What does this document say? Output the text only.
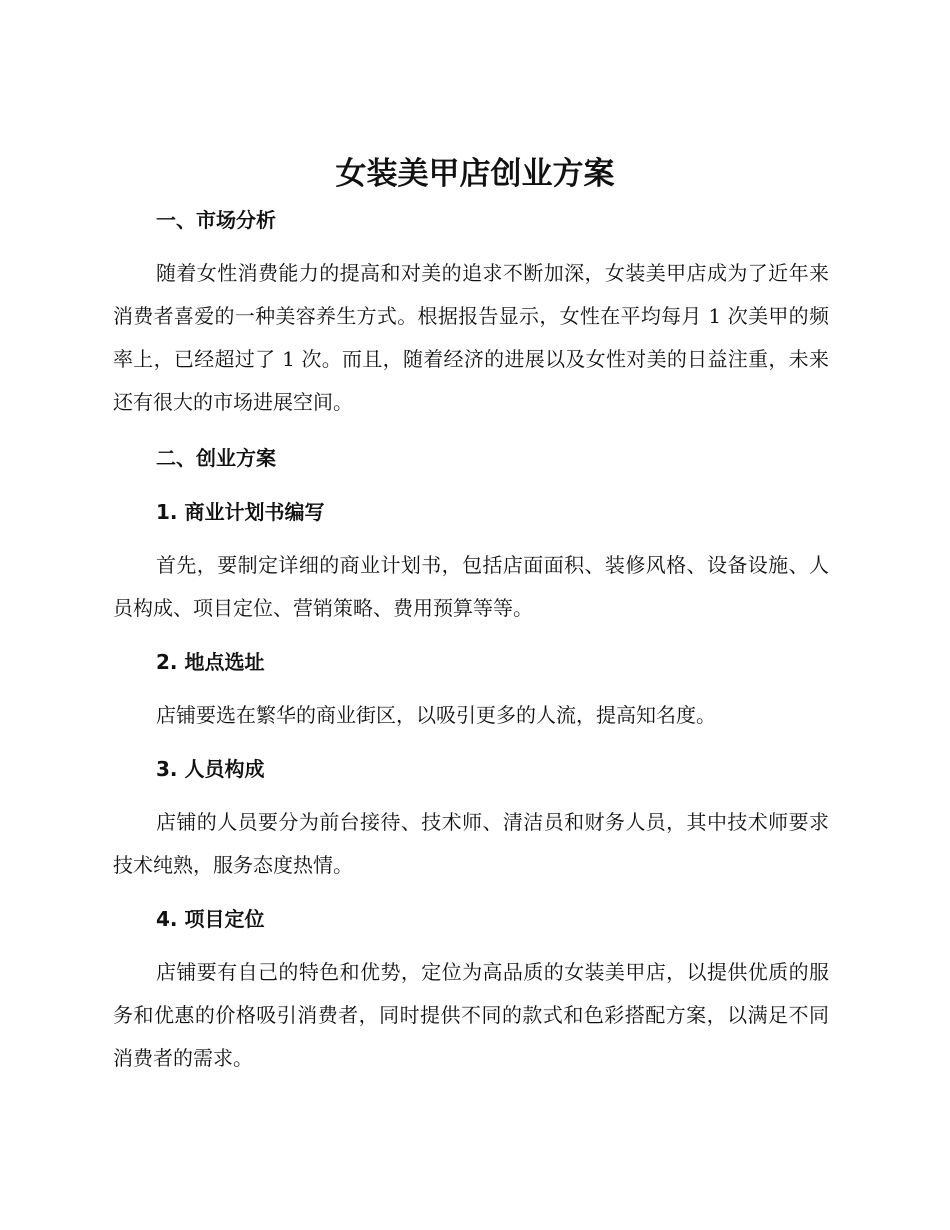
女装美甲店创业方案

一、市场分析

随着女性消费能力的提高和对美的追求不断加深，女装美甲店成为了近年来消费者喜爱的一种美容养生方式。根据报告显示，女性在平均每月 1 次美甲的频率上，已经超过了 1 次。而且，随着经济的进展以及女性对美的日益注重，未来还有很大的市场进展空间。

二、创业方案

1. 商业计划书编写

首先，要制定详细的商业计划书，包括店面面积、装修风格、设备设施、人员构成、项目定位、营销策略、费用预算等等。

2. 地点选址

店铺要选在繁华的商业街区，以吸引更多的人流，提高知名度。

3. 人员构成

店铺的人员要分为前台接待、技术师、清洁员和财务人员，其中技术师要求技术纯熟，服务态度热情。

4. 项目定位

店铺要有自己的特色和优势，定位为高品质的女装美甲店，以提供优质的服务和优惠的价格吸引消费者，同时提供不同的款式和色彩搭配方案，以满足不同消费者的需求。
